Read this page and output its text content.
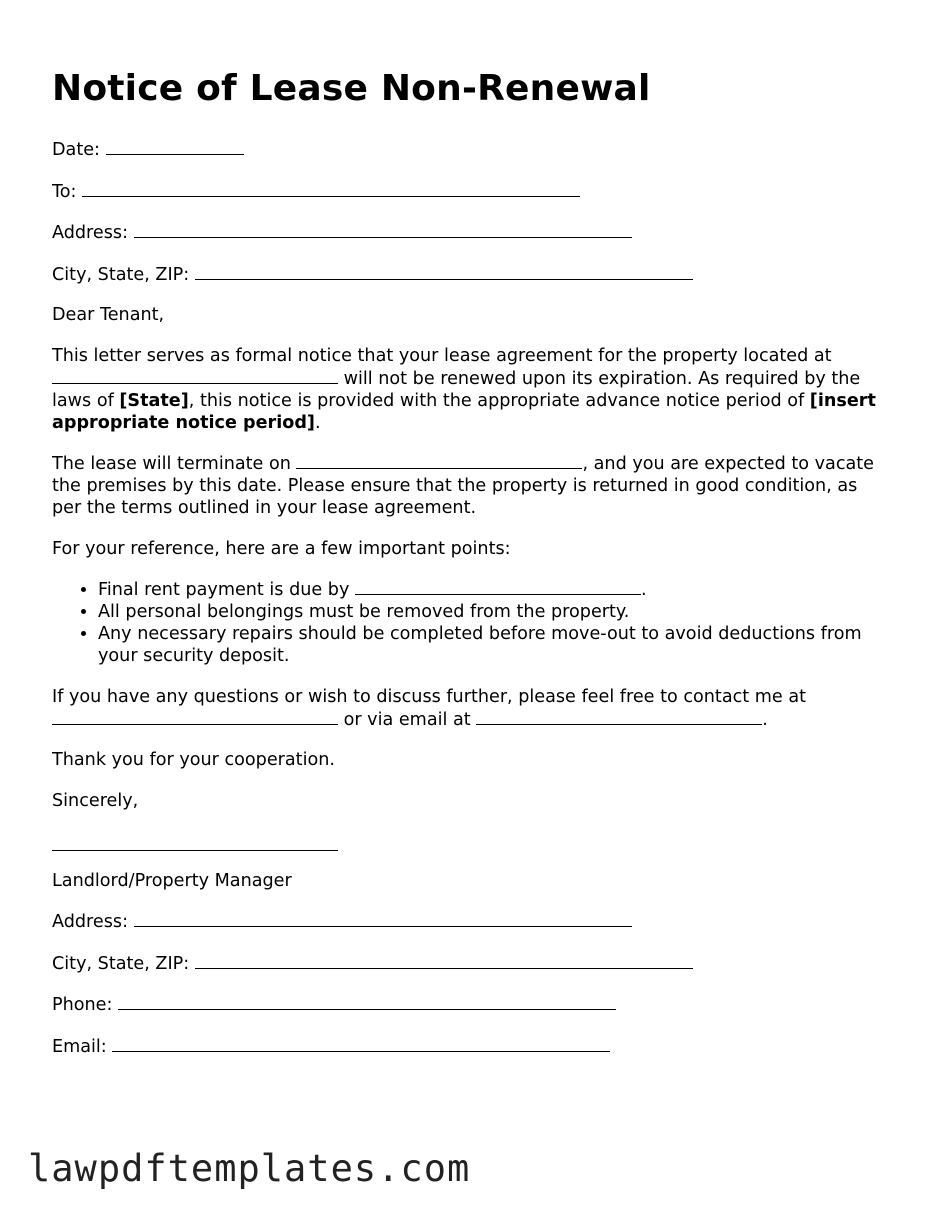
Notice of Lease Non-Renewal

Date:

To:

Address:

City, State, ZIP:

Dear Tenant,

This letter serves as formal notice that your lease agreement for the property located at  will not be renewed upon its expiration. As required by the laws of [State], this notice is provided with the appropriate advance notice period of [insert appropriate notice period].

The lease will terminate on	, and you are expected to vacate the premises by this date. Please ensure that the property is returned in good condition, as per the terms outlined in your lease agreement.

For your reference, here are a few important points:

• Final rent payment is due by	.
• All personal belongings must be removed from the property.
• Any necessary repairs should be completed before move-out to avoid deductions from your security deposit.

If you have any questions or wish to discuss further, please feel free to contact me at  or via email at	.

Thank you for your cooperation.

Sincerely,

Landlord/Property Manager

Address:

City, State, ZIP:

Phone:

Email:

lawpdftemplates.com
